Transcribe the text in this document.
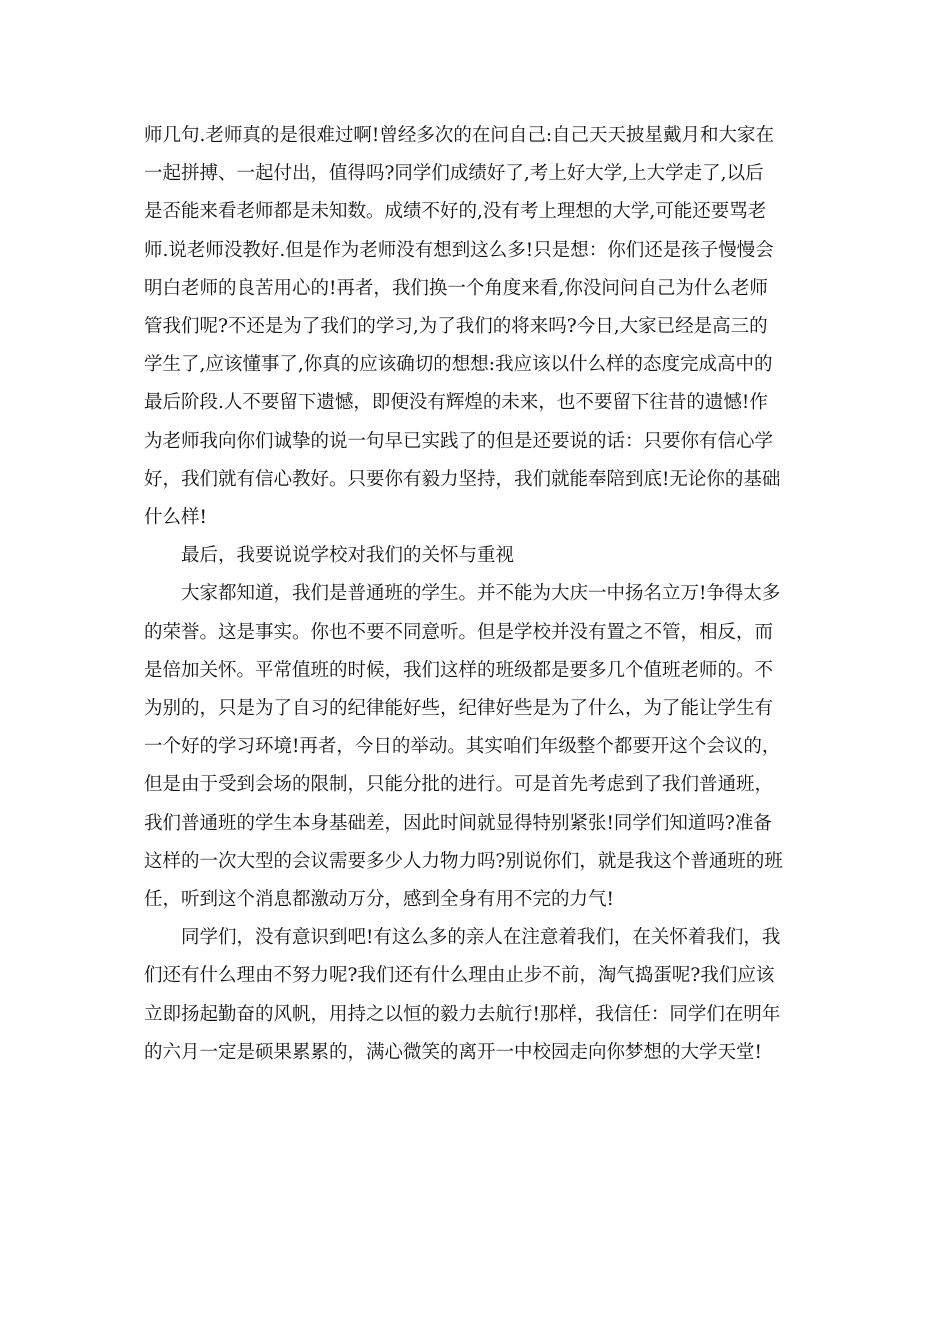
师几句.老师真的是很难过啊!曾经多次的在问自己:自己天天披星戴月和大家在
一起拼搏、一起付出，值得吗?同学们成绩好了,考上好大学,上大学走了,以后
是否能来看老师都是未知数。成绩不好的,没有考上理想的大学,可能还要骂老
师.说老师没教好.但是作为老师没有想到这么多!只是想：你们还是孩子慢慢会
明白老师的良苦用心的!再者，我们换一个角度来看,你没问问自己为什么老师
管我们呢?不还是为了我们的学习,为了我们的将来吗?今日,大家已经是高三的
学生了,应该懂事了,你真的应该确切的想想:我应该以什么样的态度完成高中的
最后阶段.人不要留下遗憾，即便没有辉煌的未来，也不要留下往昔的遗憾!作
为老师我向你们诚挚的说一句早已实践了的但是还要说的话：只要你有信心学
好，我们就有信心教好。只要你有毅力坚持，我们就能奉陪到底!无论你的基础
什么样!

最后，我要说说学校对我们的关怀与重视

大家都知道，我们是普通班的学生。并不能为大庆一中扬名立万!争得太多
的荣誉。这是事实。你也不要不同意听。但是学校并没有置之不管，相反，而
是倍加关怀。平常值班的时候，我们这样的班级都是要多几个值班老师的。不
为别的，只是为了自习的纪律能好些，纪律好些是为了什么，为了能让学生有
一个好的学习环境!再者，今日的举动。其实咱们年级整个都要开这个会议的，
但是由于受到会场的限制，只能分批的进行。可是首先考虑到了我们普通班，
我们普通班的学生本身基础差，因此时间就显得特别紧张!同学们知道吗?准备
这样的一次大型的会议需要多少人力物力吗?别说你们，就是我这个普通班的班
任，听到这个消息都激动万分，感到全身有用不完的力气!

同学们，没有意识到吧!有这么多的亲人在注意着我们，在关怀着我们，我
们还有什么理由不努力呢?我们还有什么理由止步不前，淘气捣蛋呢?我们应该
立即扬起勤奋的风帆，用持之以恒的毅力去航行!那样，我信任：同学们在明年
的六月一定是硕果累累的，满心微笑的离开一中校园走向你梦想的大学天堂!
